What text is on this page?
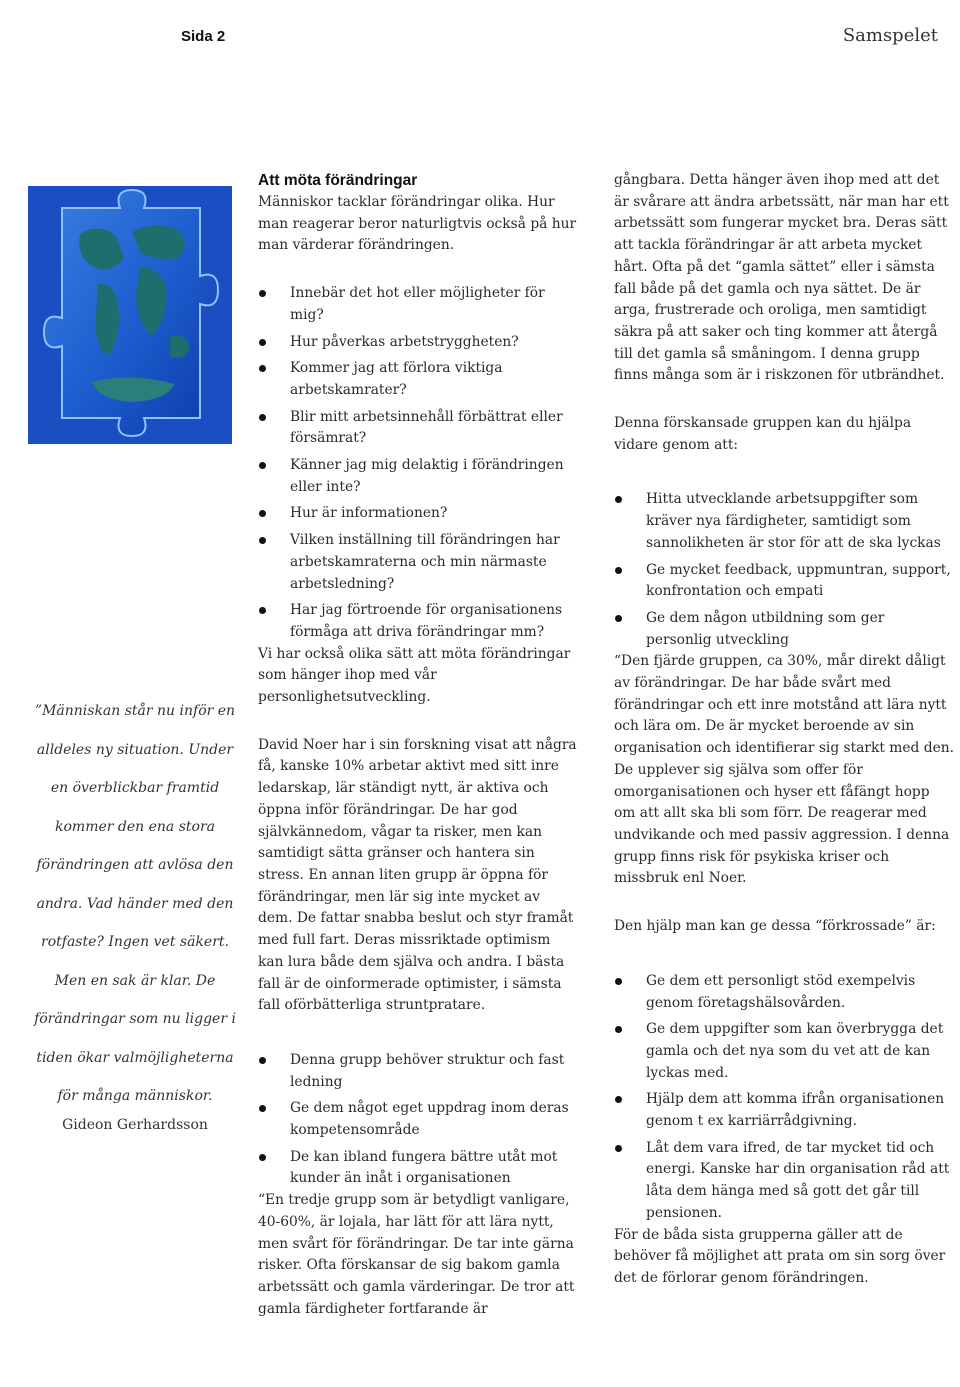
Sida 2	Samspelet
”Människan står nu inför en alldeles ny situation. Under en överblickbar framtid kommer den ena stora förändringen att avlösa den andra. Vad händer med den rotfaste? Ingen vet säkert. Men en sak är klar. De förändringar som nu ligger i tiden ökar valmöjligheterna för många människor.
Gideon Gerhardsson

Att möta förändringar

Människor tacklar förändringar olika. Hur man reagerar beror naturligtvis också på hur man värderar förändringen.

Innebär det hot eller möjligheter för mig?
Hur påverkas arbetstryggheten?
Kommer jag att förlora viktiga arbetskamrater?
Blir mitt arbetsinnehåll förbättrat eller försämrat?
Känner jag mig delaktig i förändringen eller inte?
Hur är informationen?
Vilken inställning till förändringen har arbetskamraterna och min närmaste arbetsledning?
Har jag förtroende för organisationens förmåga att driva förändringar mm?

Vi har också olika sätt att möta förändringar som hänger ihop med vår personlighetsutveckling.

David Noer har i sin forskning visat att några få, kanske 10% arbetar aktivt med sitt inre ledarskap, lär ständigt nytt, är aktiva och öppna inför förändringar. De har god självkännedom, vågar ta risker, men kan samtidigt sätta gränser och hantera sin stress. En annan liten grupp är öppna för förändringar, men lär sig inte mycket av dem. De fattar snabba beslut och styr framåt med full fart. Deras missriktade optimism kan lura både dem själva och andra. I bästa fall är de oinformerade optimister, i sämsta fall oförbätterliga struntpratare.

Denna grupp behöver struktur och fast ledning
Ge dem något eget uppdrag inom deras kompetensområde
De kan ibland fungera bättre utåt mot kunder än inåt i organisationen

“En tredje grupp som är betydligt vanligare, 40-60%, är lojala, har lätt för att lära nytt, men svårt för förändringar. De tar inte gärna risker. Ofta förskansar de sig bakom gamla arbetssätt och gamla värderingar. De tror att gamla färdigheter fortfarande är

gångbara. Detta hänger även ihop med att det är svårare att ändra arbetssätt, när man har ett arbetssätt som fungerar mycket bra. Deras sätt att tackla förändringar är att arbeta mycket hårt. Ofta på det “gamla sättet” eller i sämsta fall både på det gamla och nya sättet. De är arga, frustrerade och oroliga, men samtidigt säkra på att saker och ting kommer att återgå till det gamla så småningom. I denna grupp finns många som är i riskzonen för utbrändhet.

Denna förskansade gruppen kan du hjälpa vidare genom att:

Hitta utvecklande arbetsuppgifter som kräver nya färdigheter, samtidigt som sannolikheten är stor för att de ska lyckas
Ge mycket feedback, uppmuntran, support, konfrontation och empati
Ge dem någon utbildning som ger personlig utveckling

“Den fjärde gruppen, ca 30%, mår direkt dåligt av förändringar. De har både svårt med förändringar och ett inre motstånd att lära nytt och lära om. De är mycket beroende av sin organisation och identifierar sig starkt med den. De upplever sig själva som offer för omorganisationen och hyser ett fåfängt hopp om att allt ska bli som förr. De reagerar med undvikande och med passiv aggression. I denna grupp finns risk för psykiska kriser och missbruk enl Noer.

Den hjälp man kan ge dessa “förkrossade” är:

Ge dem ett personligt stöd exempelvis genom företagshälsovården.
Ge dem uppgifter som kan överbrygga det gamla och det nya som du vet att de kan lyckas med.
Hjälp dem att komma ifrån organisationen genom t ex karriärrådgivning.
Låt dem vara ifred, de tar mycket tid och energi. Kanske har din organisation råd att låta dem hänga med så gott det går till pensionen.

För de båda sista grupperna gäller att de behöver få möjlighet att prata om sin sorg över det de förlorar genom förändringen.
